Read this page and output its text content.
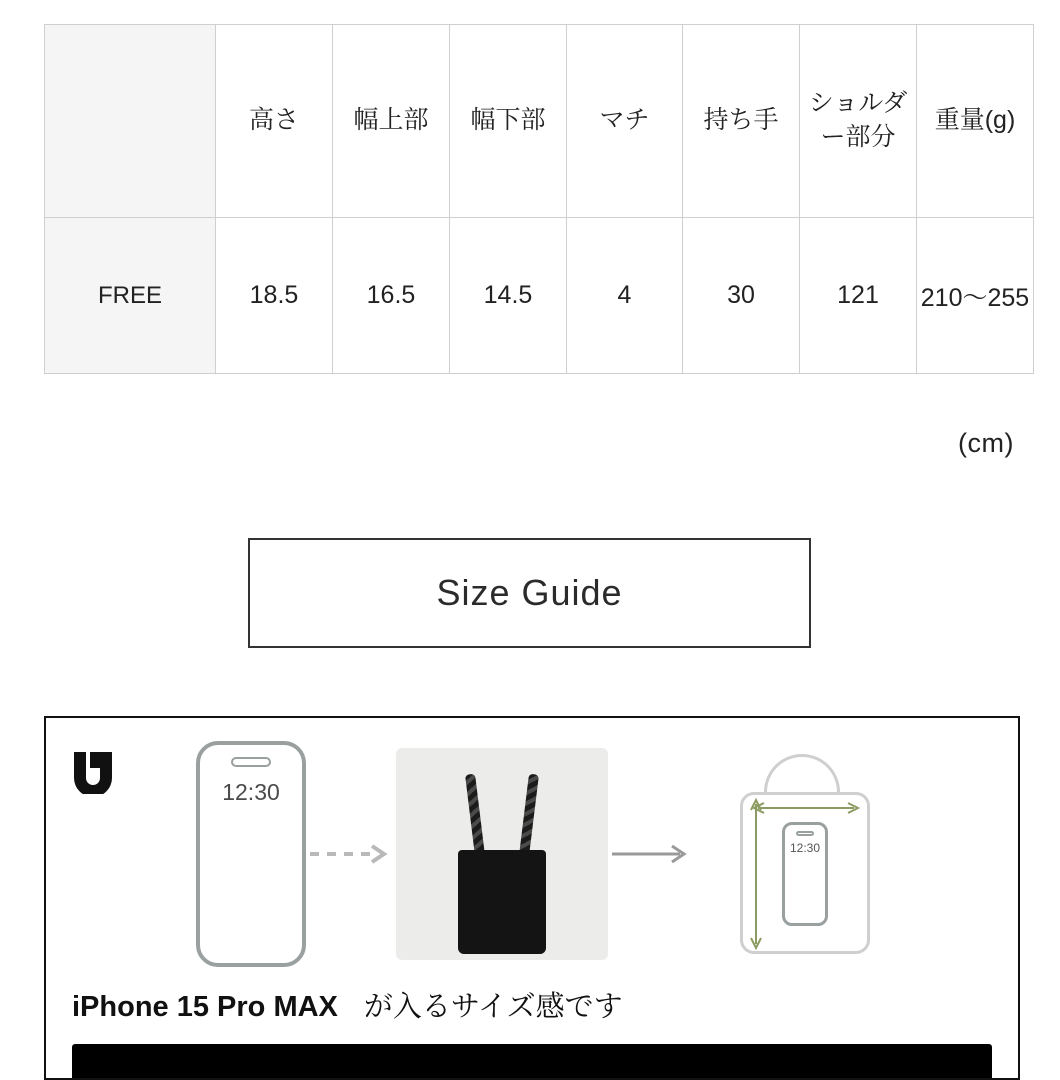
	高さ	幅上部	幅下部	マチ	持ち手	ショルダー部分	重量(g)
FREE	18.5	16.5	14.5	4	30	121	210〜255
(cm)
Size Guide
12:30
12:30
iPhone 15 Pro MAX が入るサイズ感です
